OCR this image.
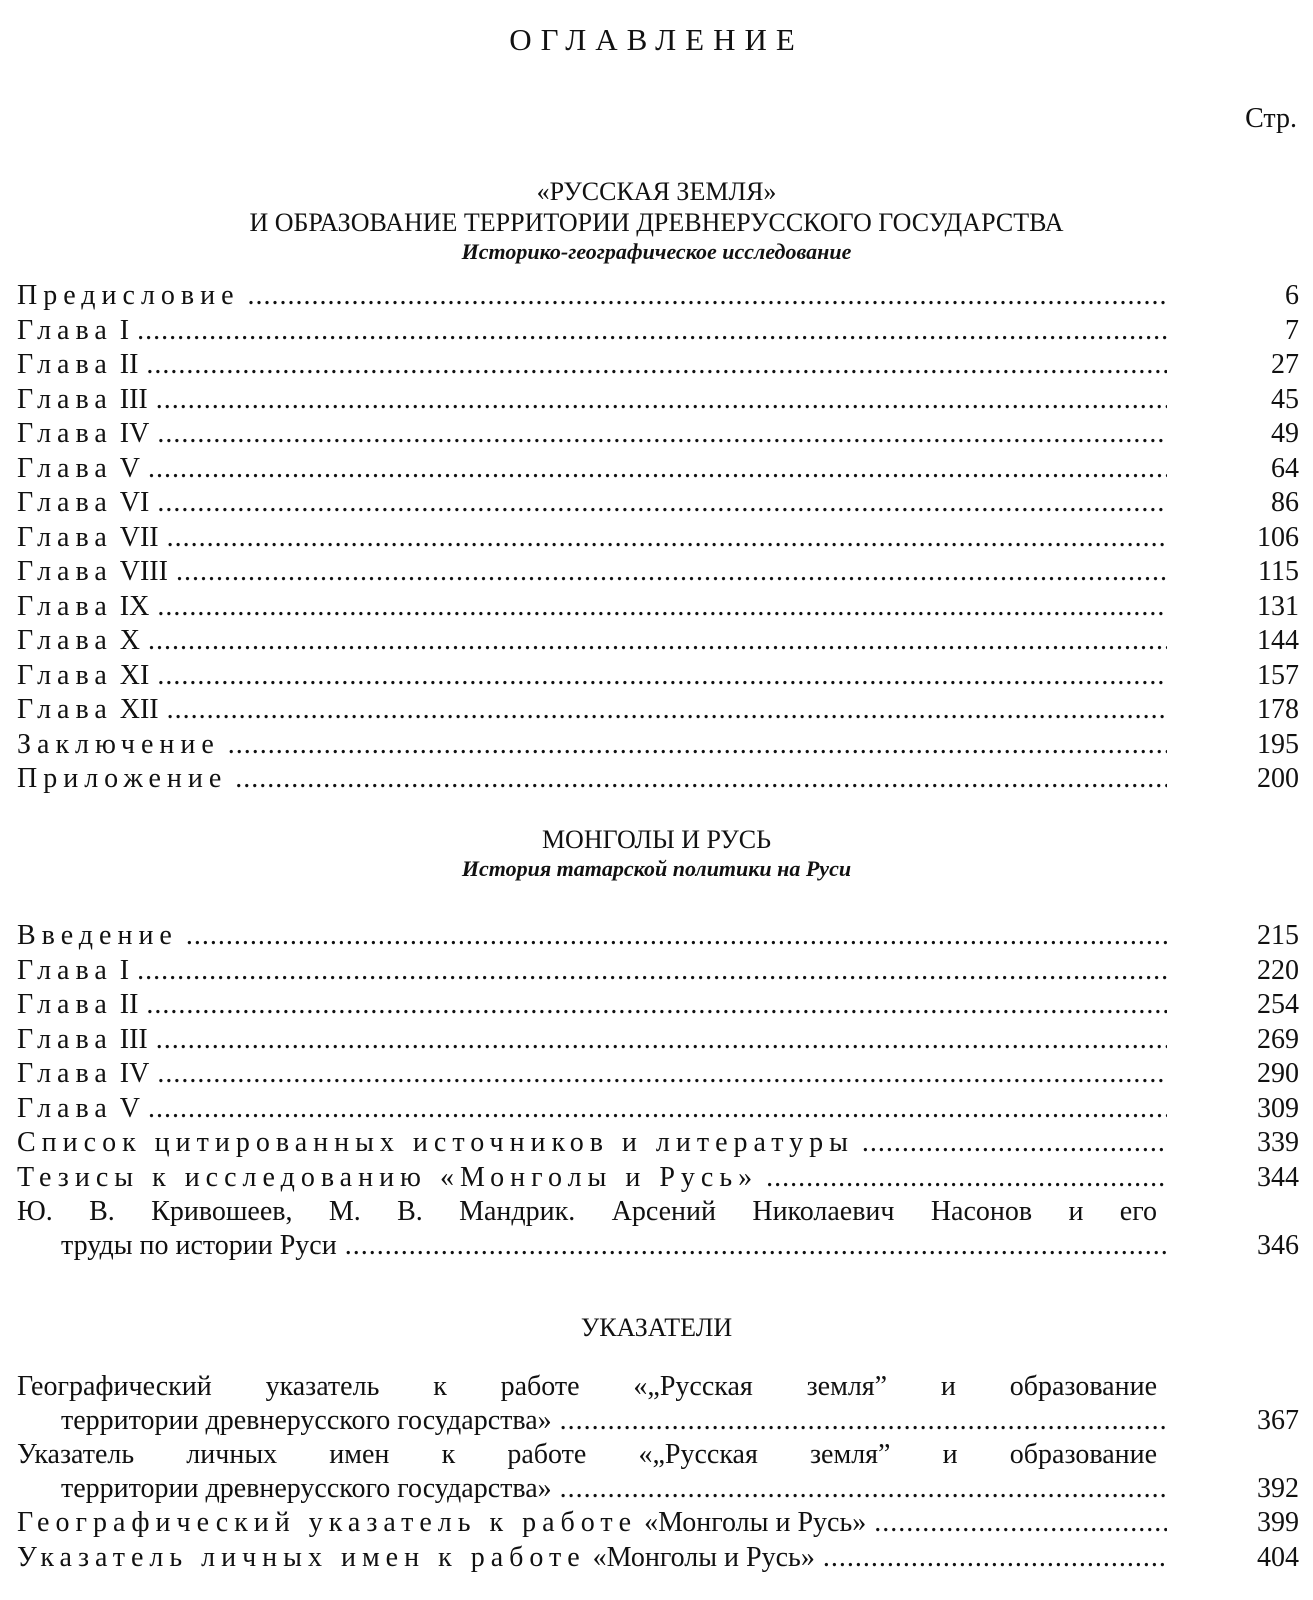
ОГЛАВЛЕНИЕ
Стр.
«РУССКАЯ ЗЕМЛЯ»
И ОБРАЗОВАНИЕ ТЕРРИТОРИИ ДРЕВНЕРУССКОГО ГОСУДАРСТВА
Историко-географическое исследование
Предисловие .....	6
Глава I .....	7
Глава II .....	27
Глава III .....	45
Глава IV .....	49
Глава V .....	64
Глава VI .....	86
Глава VII .....	106
Глава VIII .....	115
Глава IX .....	131
Глава X .....	144
Глава XI .....	157
Глава XII .....	178
Заключение .....	195
Приложение .....	200
МОНГОЛЫ И РУСЬ
История татарской политики на Руси
Введение .....	215
Глава I .....	220
Глава II .....	254
Глава III .....	269
Глава IV .....	290
Глава V .....	309
Список цитированных источников и литературы .....	339
Тезисы к исследованию «Монголы и Русь» .....	344
Ю. В. Кривошеев, М. В. Мандрик. Арсений Николаевич Насонов и его
труды по истории Руси .....	346
УКАЗАТЕЛИ
Географический указатель к работе «„Русская земля” и образование
территории древнерусского государства» .....	367
Указатель личных имен к работе «„Русская земля” и образование
территории древнерусского государства» .....	392
Географический указатель к работе «Монголы и Русь» .....	399
Указатель личных имен к работе «Монголы и Русь» .....	404
